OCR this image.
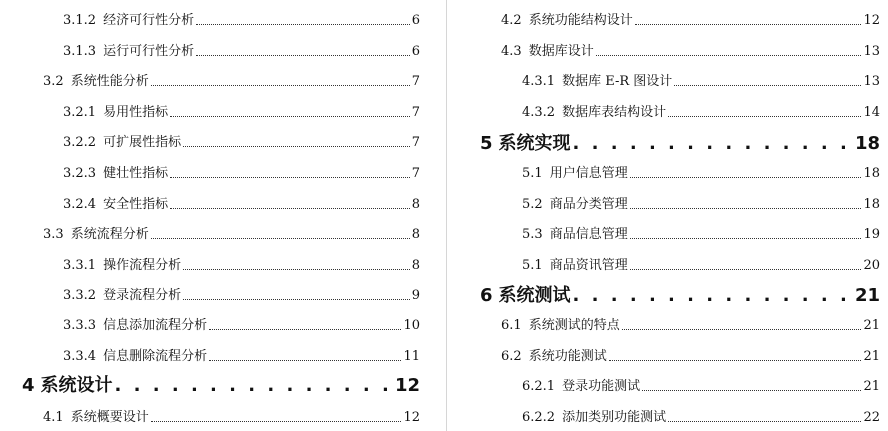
3.1.2 经济可行性分析	6
3.1.3 运行可行性分析	6
3.2 系统性能分析	7
3.2.1 易用性指标	7
3.2.2 可扩展性指标	7
3.2.3 健壮性指标	7
3.2.4 安全性指标	8
3.3 系统流程分析	8
3.3.1 操作流程分析	8
3.3.2 登录流程分析	9
3.3.3 信息添加流程分析	10
3.3.4 信息删除流程分析	11
4 系统设计 . . .	12
4.1 系统概要设计	12
4.2 系统功能结构设计	12
4.3 数据库设计	13
4.3.1 数据库 E-R 图设计	13
4.3.2 数据库表结构设计	14
5 系统实现 . . .	18
5.1 用户信息管理	18
5.2 商品分类管理	18
5.3 商品信息管理	19
5.1 商品资讯管理	20
6 系统测试 . . .	21
6.1 系统测试的特点	21
6.2 系统功能测试	21
6.2.1 登录功能测试	21
6.2.2 添加类别功能测试	22
